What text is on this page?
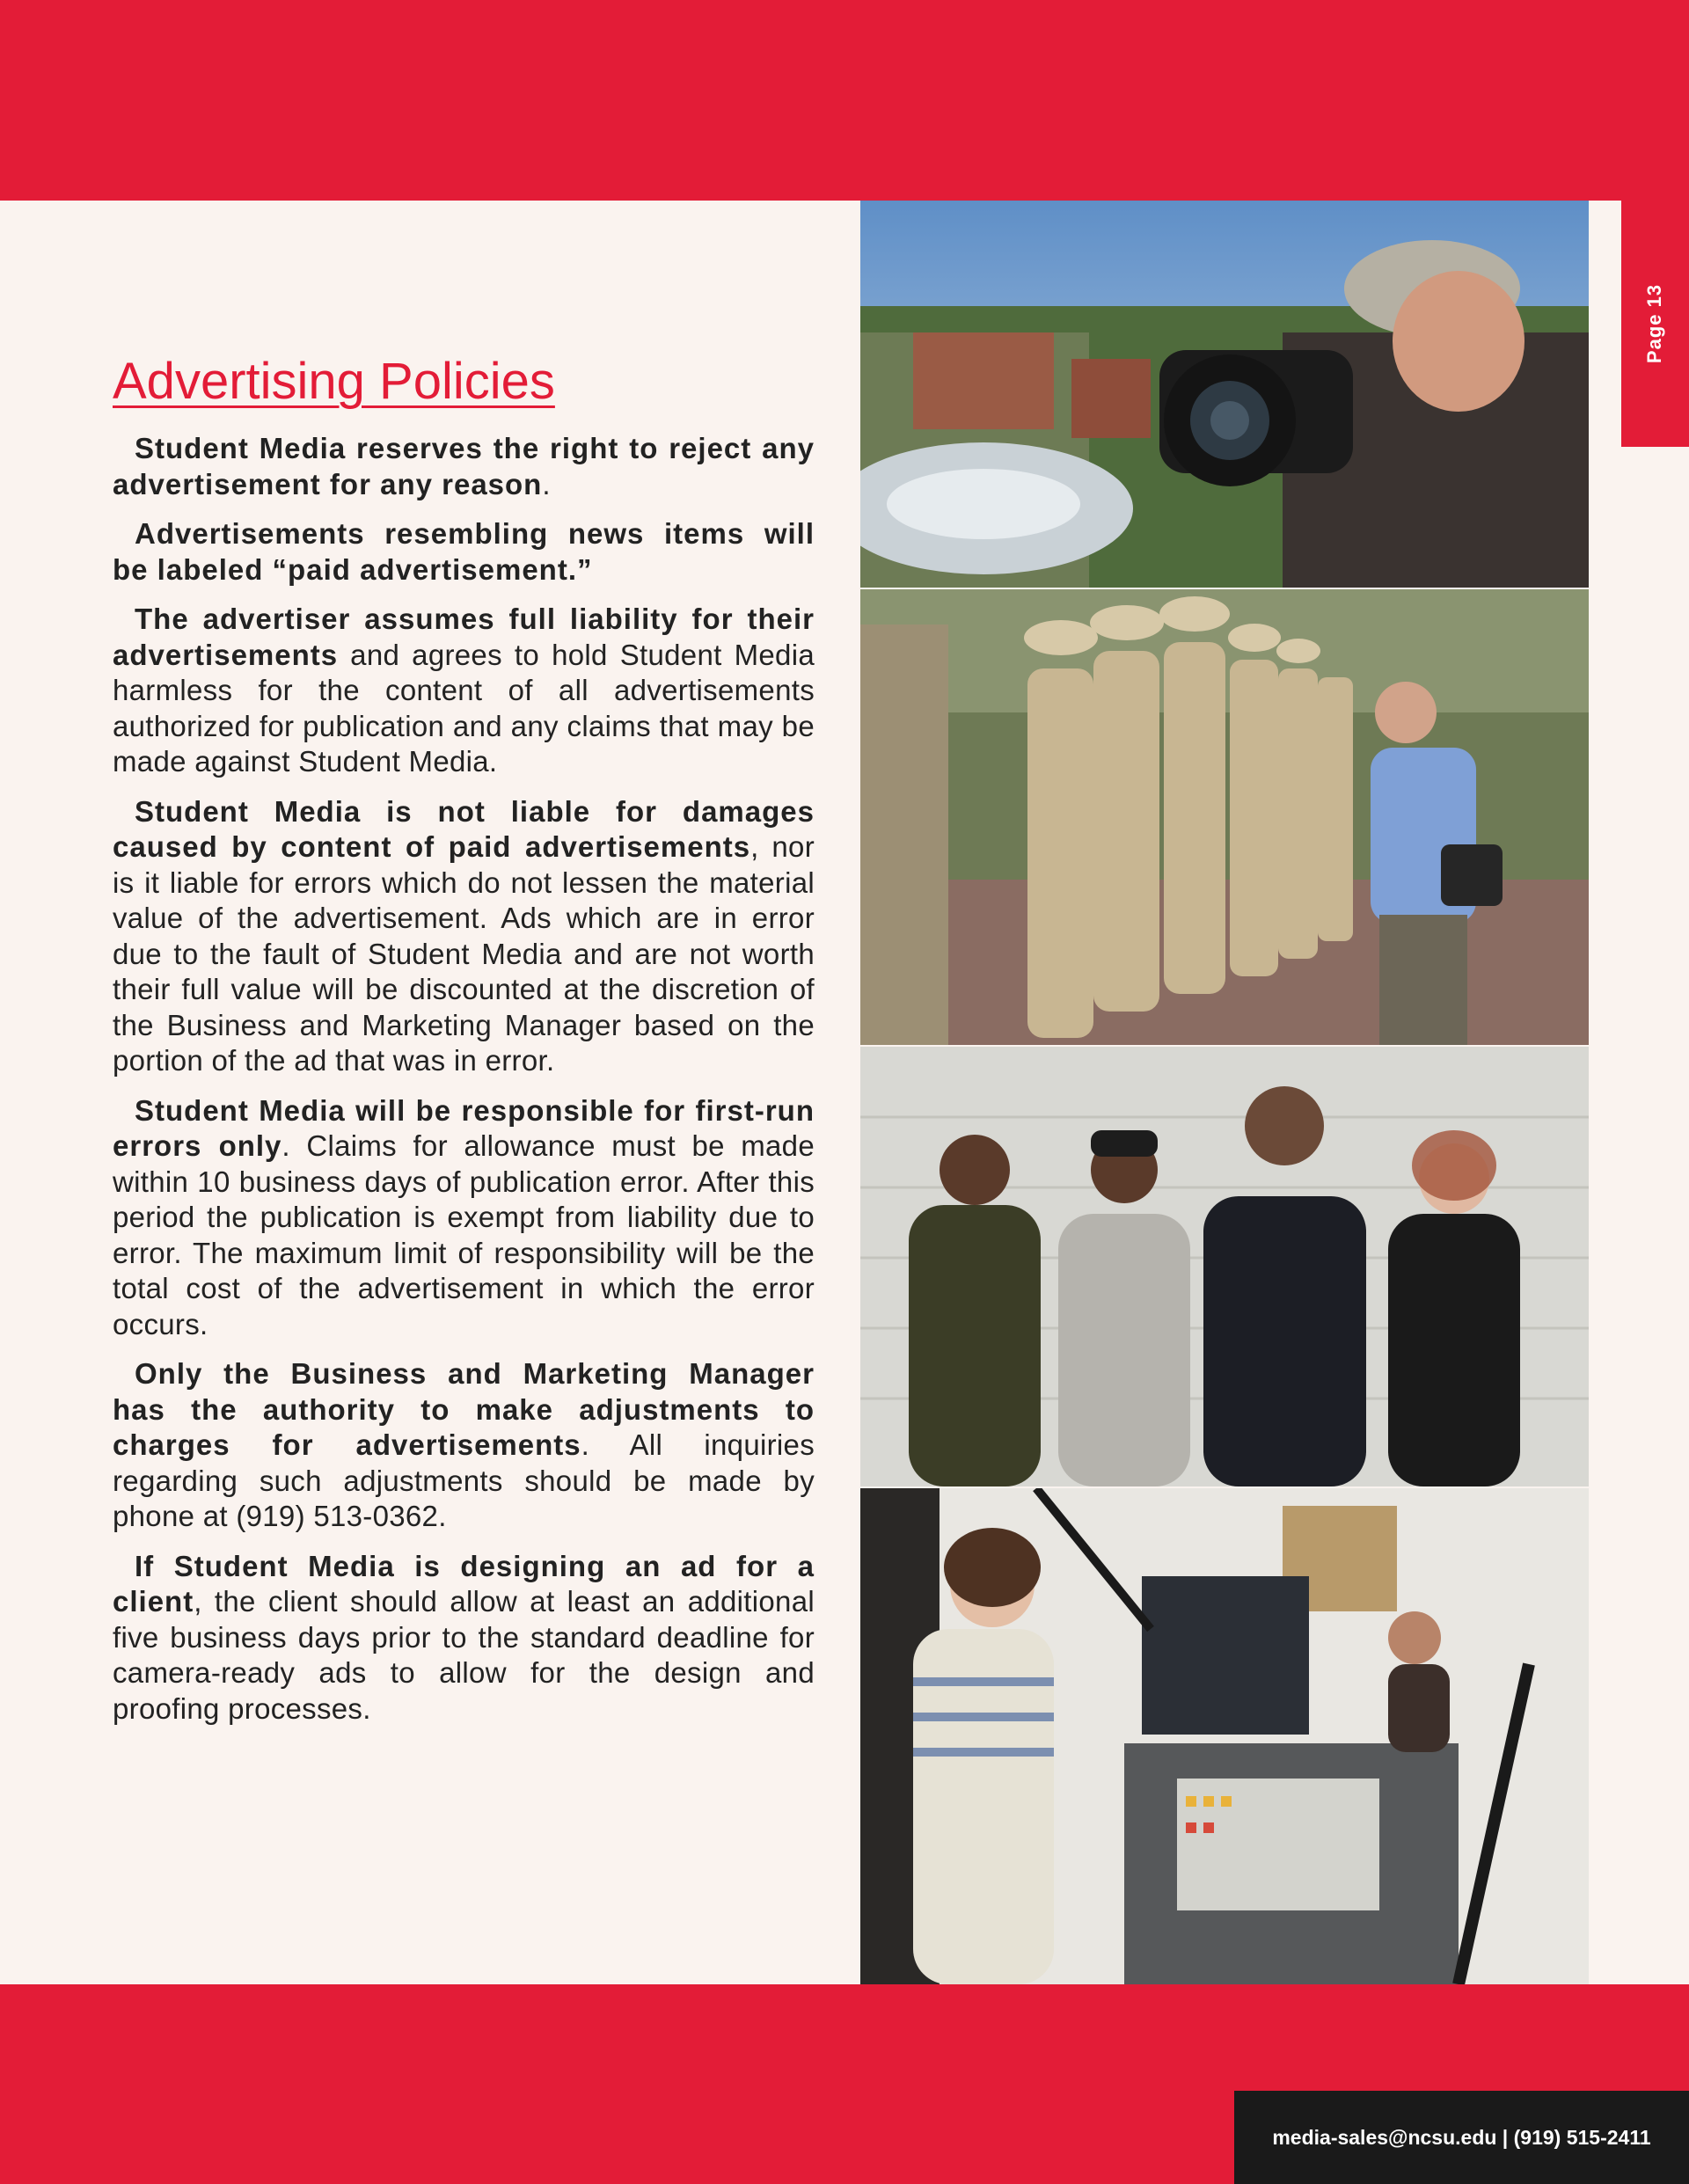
Page 13
Advertising Policies

Student Media reserves the right to reject any advertisement for any reason.

Advertisements resembling news items will be labeled “paid advertisement.”

The advertiser assumes full liability for their advertisements and agrees to hold Student Media harmless for the content of all advertisements authorized for publication and any claims that may be made against Student Media.

Student Media is not liable for damages caused by content of paid advertisements, nor is it liable for errors which do not lessen the material value of the advertisement. Ads which are in error due to the fault of Student Media and are not worth their full value will be discounted at the discretion of the Business and Marketing Manager based on the portion of the ad that was in error.

Student Media will be responsible for first-run errors only. Claims for allowance must be made within 10 business days of publication error. After this period the publication is exempt from liability due to error. The maximum limit of responsibility will be the total cost of the advertisement in which the error occurs.

Only the Business and Marketing Manager has the authority to make adjustments to charges for advertisements. All inquiries regarding such adjustments should be made by phone at (919) 513-0362.

If Student Media is designing an ad for a client, the client should allow at least an additional five business days prior to the standard deadline for camera-ready ads to allow for the design and proofing processes.

media-sales@ncsu.edu | (919) 515-2411
